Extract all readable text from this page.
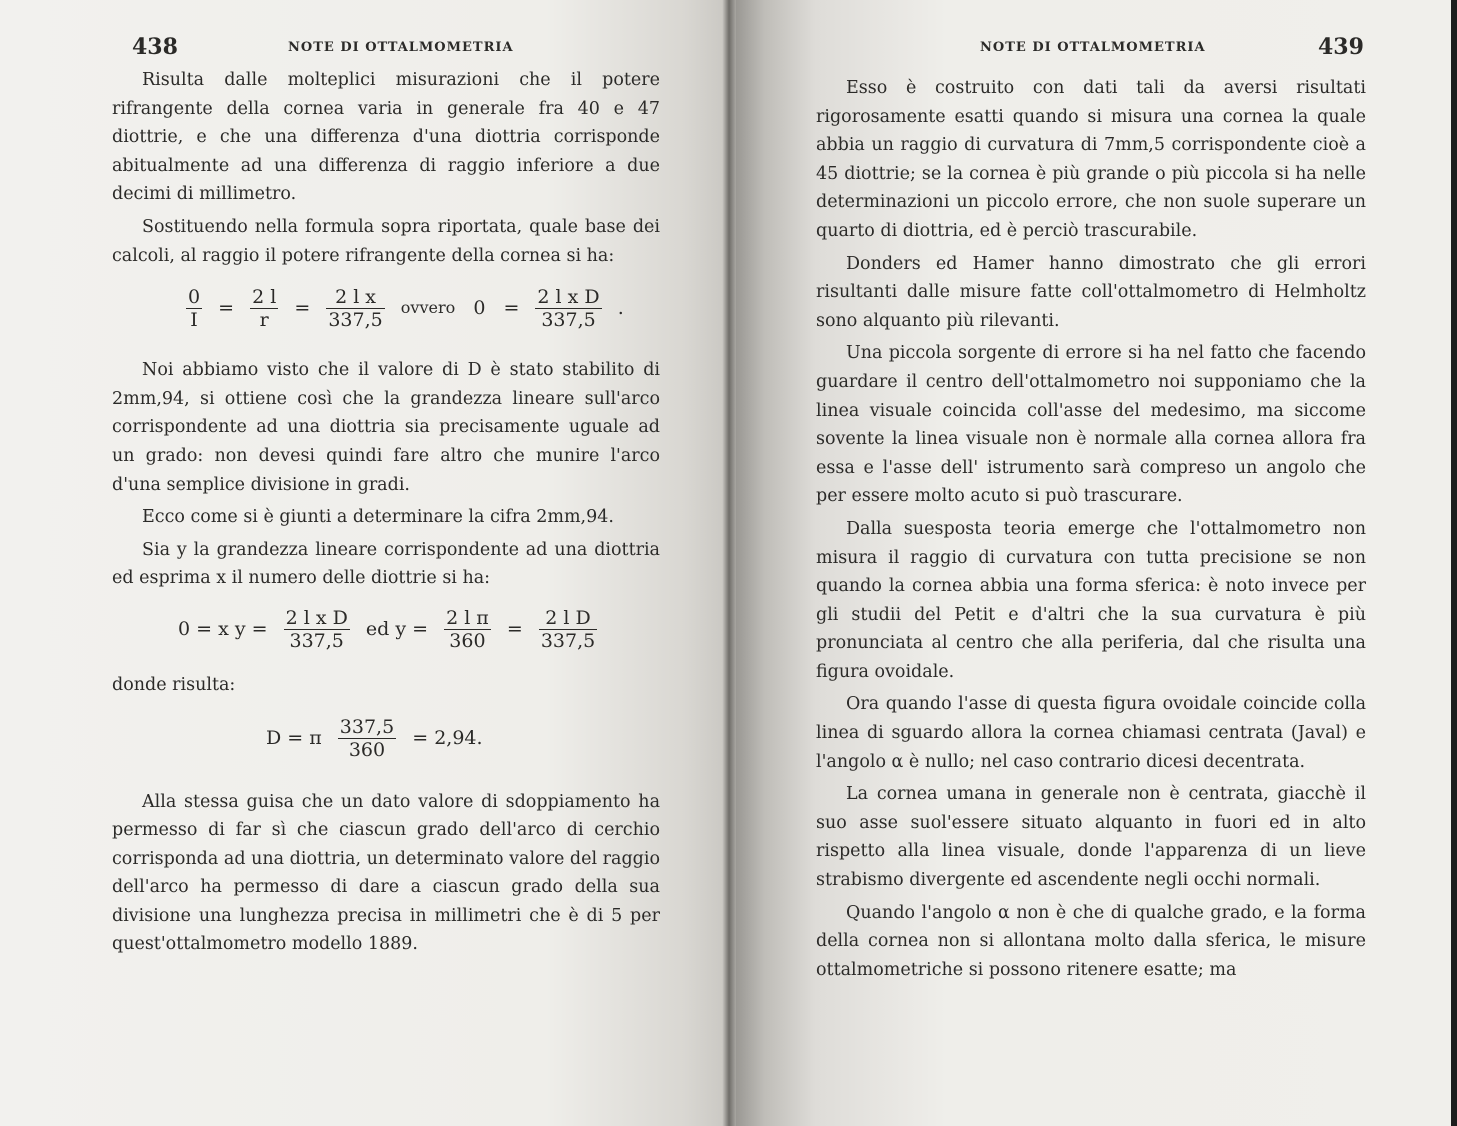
438	NOTE DI OTTALMOMETRIA

Risulta dalle molteplici misurazioni che il potere rifrangente della cornea varia in generale fra 40 e 47 diottrie, e che una differenza d'una diottria corrisponde abitualmente ad una differenza di raggio inferiore a due decimi di millimetro.

Sostituendo nella formula sopra riportata, quale base dei calcoli, al raggio il potere rifrangente della cornea si ha:

$\frac{0}{I} = \frac{2 l}{r} = \frac{\text{2 l x}}{337,5}$ ovvero $0 = \frac{\text{2 l x D}}{337,5}$ .

Noi abbiamo visto che il valore di D è stato stabilito di 2mm,94, si ottiene così che la grandezza lineare sull'arco corrispondente ad una diottria sia precisamente uguale ad un grado: non devesi quindi fare altro che munire l'arco d'una semplice divisione in gradi.

Ecco come si è giunti a determinare la cifra 2mm,94.

Sia y la grandezza lineare corrispondente ad una diottria ed esprima x il numero delle diottrie si ha:

0 = x $y = \frac{\text{2 l x D}}{337,5}$ ed $y = \frac{\text{2 l π}}{360} = \frac{\text{2 l D}}{337,5}$

donde risulta:

D = π $\frac{337,5}{360} = 2,94$.

Alla stessa guisa che un dato valore di sdoppiamento ha permesso di far sì che ciascun grado dell'arco di cerchio corrisponda ad una diottria, un determinato valore del raggio dell'arco ha permesso di dare a ciascun grado della sua divisione una lunghezza precisa in millimetri che è di 5 per quest'ottalmometro modello 1889.

NOTE DI OTTALMOMETRIA	439

Esso è costruito con dati tali da aversi risultati rigorosamente esatti quando si misura una cornea la quale abbia un raggio di curvatura di 7mm,5 corrispondente cioè a 45 diottrie; se la cornea è più grande o più piccola si ha nelle determinazioni un piccolo errore, che non suole superare un quarto di diottria, ed è perciò trascurabile.

Donders ed Hamer hanno dimostrato che gli errori risultanti dalle misure fatte coll'ottalmometro di Helmholtz sono alquanto più rilevanti.

Una piccola sorgente di errore si ha nel fatto che facendo guardare il centro dell'ottalmometro noi supponiamo che la linea visuale coincida coll'asse del medesimo, ma siccome sovente la linea visuale non è normale alla cornea allora fra essa e l'asse dell' istrumento sarà compreso un angolo che per essere molto acuto si può trascurare.

Dalla suesposta teoria emerge che l'ottalmometro non misura il raggio di curvatura con tutta precisione se non quando la cornea abbia una forma sferica: è noto invece per gli studii del Petit e d'altri che la sua curvatura è più pronunciata al centro che alla periferia, dal che risulta una figura ovoidale.

Ora quando l'asse di questa figura ovoidale coincide colla linea di sguardo allora la cornea chiamasi centrata (Javal) e l'angolo α è nullo; nel caso contrario dicesi decentrata.

La cornea umana in generale non è centrata, giacchè il suo asse suol'essere situato alquanto in fuori ed in alto rispetto alla linea visuale, donde l'apparenza di un lieve strabismo divergente ed ascendente negli occhi normali.

Quando l'angolo α non è che di qualche grado, e la forma della cornea non si allontana molto dalla sferica, le misure ottalmometriche si possono ritenere esatte; ma
